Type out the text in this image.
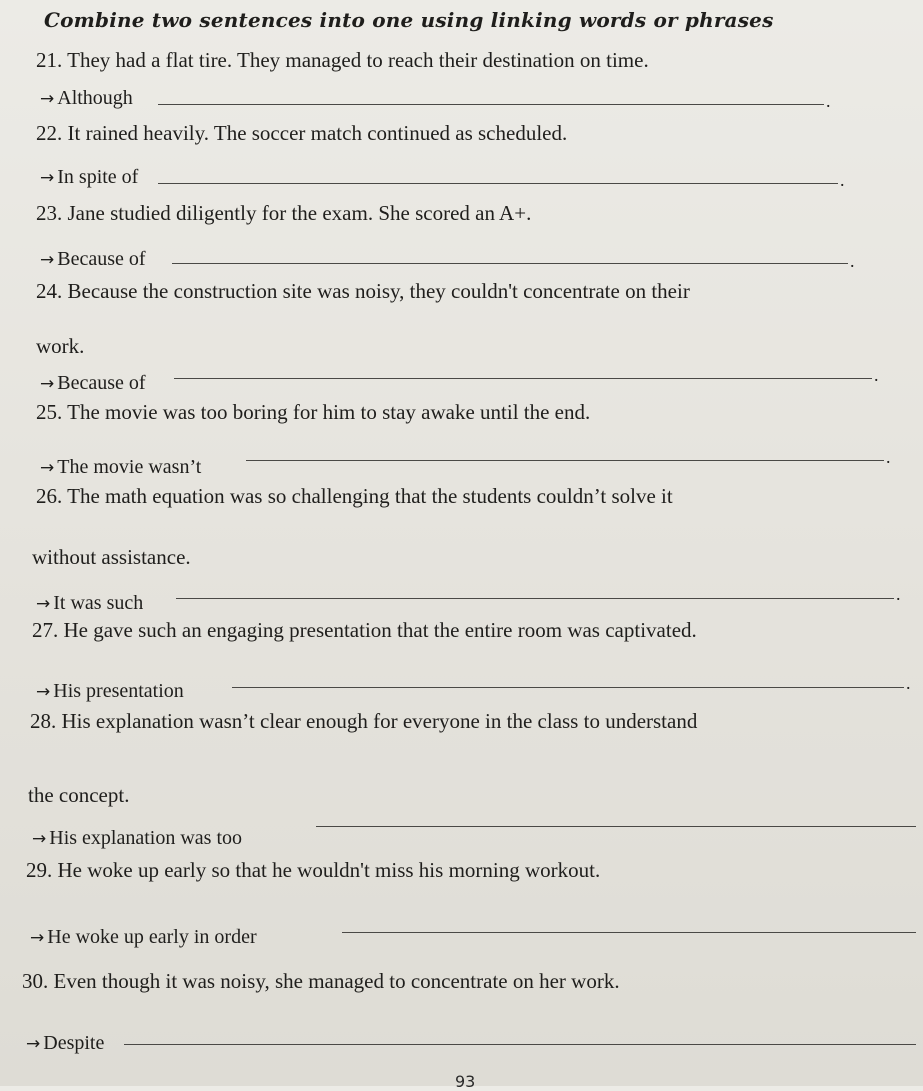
Combine two sentences into one using linking words or phrases
21. They had a flat tire. They managed to reach their destination on time.
→ Although	.
22. It rained heavily. The soccer match continued as scheduled.
→ In spite of	.
23. Jane studied diligently for the exam. She scored an A+.
→ Because of	.
24. Because the construction site was noisy, they couldn't concentrate on their
work.
→ Because of	.
25. The movie was too boring for him to stay awake until the end.
→ The movie wasn’t	.
26. The math equation was so challenging that the students couldn’t solve it
without assistance.
→ It was such	.
27. He gave such an engaging presentation that the entire room was captivated.
→ His presentation	.
28. His explanation wasn’t clear enough for everyone in the class to understand
the concept.
→ His explanation was too
29. He woke up early so that he wouldn't miss his morning workout.
→ He woke up early in order
30. Even though it was noisy, she managed to concentrate on her work.
→ Despite
93
